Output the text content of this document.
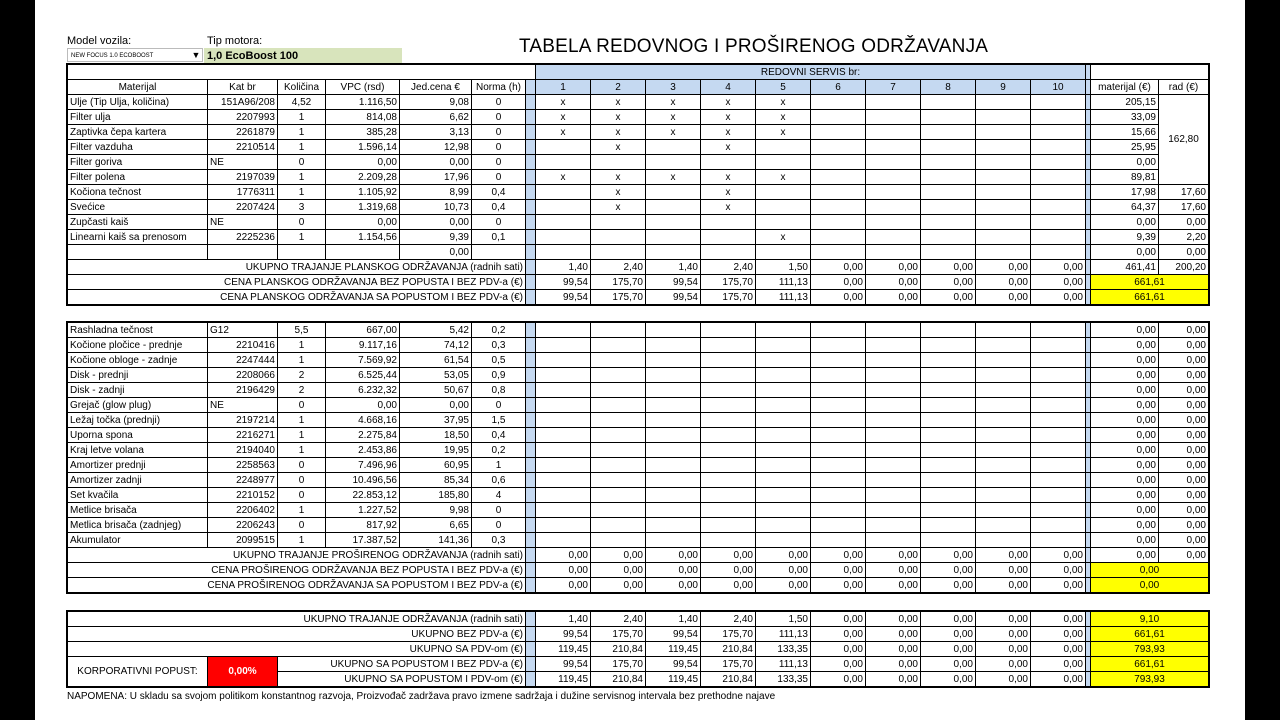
Model vozila:
NEW FOCUS 1.0 ECOBOOST	▼
Tip motora:
1,0 EcoBoost 100	TABELA REDOVNOG I PROŠIRENOG ODRŽAVANJA
							REDOVNI SERVIS br:												
Materijal	Kat br	Količina	VPC (rsd)	Jed.cena €	Norma (h)		1	2	3	4	5	6	7	8	9	10		materijal (€)	rad (€)
Ulje (Tip Ulja, količina)	151A96/208	4,52	1.116,50	9,08	0		x	x	x	x	x							205,15	162,80
Filter ulja	2207993	1	814,08	6,62	0		x	x	x	x	x							33,09	
Zaptivka čepa kartera	2261879	1	385,28	3,13	0		x	x	x	x	x							15,66	
Filter vazduha	2210514	1	1.596,14	12,98	0			x		x								25,95	
Filter goriva	NE	0	0,00	0,00	0													0,00	
Filter polena	2197039	1	2.209,28	17,96	0		x	x	x	x	x							89,81	
Kočiona tečnost	1776311	1	1.105,92	8,99	0,4			x		x								17,98	17,60
Svećice	2207424	3	1.319,68	10,73	0,4			x		x								64,37	17,60
Zupčasti kaiš	NE	0	0,00	0,00	0													0,00	0,00
Linearni kaiš sa prenosom	2225236	1	1.154,56	9,39	0,1						x							9,39	2,20
				0,00														0,00	0,00
UKUPNO TRAJANJE PLANSKOG ODRŽAVANJA (radnih sati)							1,40	2,40	1,40	2,40	1,50	0,00	0,00	0,00	0,00	0,00		461,41	200,20
CENA PLANSKOG ODRŽAVANJA BEZ POPUSTA I BEZ PDV-a (€)							99,54	175,70	99,54	175,70	111,13	0,00	0,00	0,00	0,00	0,00		661,61	
CENA PLANSKOG ODRŽAVANJA SA POPUSTOM I BEZ PDV-a (€)							99,54	175,70	99,54	175,70	111,13	0,00	0,00	0,00	0,00	0,00		661,61	
Rashladna tečnost	G12	5,5	667,00	5,42	0,2													0,00	0,00
Kočione pločice - prednje	2210416	1	9.117,16	74,12	0,3													0,00	0,00
Kočione obloge - zadnje	2247444	1	7.569,92	61,54	0,5													0,00	0,00
Disk - prednji	2208066	2	6.525,44	53,05	0,9													0,00	0,00
Disk - zadnji	2196429	2	6.232,32	50,67	0,8													0,00	0,00
Grejač (glow plug)	NE	0	0,00	0,00	0													0,00	0,00
Ležaj točka (prednji)	2197214	1	4.668,16	37,95	1,5													0,00	0,00
Uporna spona	2216271	1	2.275,84	18,50	0,4													0,00	0,00
Kraj letve volana	2194040	1	2.453,86	19,95	0,2													0,00	0,00
Amortizer prednji	2258563	0	7.496,96	60,95	1													0,00	0,00
Amortizer zadnji	2248977	0	10.496,56	85,34	0,6													0,00	0,00
Set kvačila	2210152	0	22.853,12	185,80	4													0,00	0,00
Metlice brisača	2206402	1	1.227,52	9,98	0													0,00	0,00
Metlica brisača (zadnjeg)	2206243	0	817,92	6,65	0													0,00	0,00
Akumulator	2099515	1	17.387,52	141,36	0,3													0,00	0,00
UKUPNO TRAJANJE PROŠIRENOG ODRŽAVANJA (radnih sati)							0,00	0,00	0,00	0,00	0,00	0,00	0,00	0,00	0,00	0,00		0,00	0,00
CENA PROŠIRENOG ODRŽAVANJA BEZ POPUSTA I BEZ PDV-a (€)							0,00	0,00	0,00	0,00	0,00	0,00	0,00	0,00	0,00	0,00		0,00	
CENA PROŠIRENOG ODRŽAVANJA SA POPUSTOM I BEZ PDV-a (€)							0,00	0,00	0,00	0,00	0,00	0,00	0,00	0,00	0,00	0,00		0,00	
UKUPNO TRAJANJE ODRŽAVANJA (radnih sati)				1,40	2,40	1,40	2,40	1,50	0,00	0,00	0,00	0,00	0,00		9,10
UKUPNO BEZ PDV-a (€)				99,54	175,70	99,54	175,70	111,13	0,00	0,00	0,00	0,00	0,00		661,61
UKUPNO SA PDV-om (€)				119,45	210,84	119,45	210,84	133,35	0,00	0,00	0,00	0,00	0,00		793,93
KORPORATIVNI POPUST:	0,00%	UKUPNO SA POPUSTOM I BEZ PDV-a (€)		99,54	175,70	99,54	175,70	111,13	0,00	0,00	0,00	0,00	0,00		661,61
		UKUPNO SA POPUSTOM I PDV-om (€)		119,45	210,84	119,45	210,84	133,35	0,00	0,00	0,00	0,00	0,00		793,93
NAPOMENA: U skladu sa svojom politikom konstantnog razvoja, Proizvođač zadržava pravo izmene sadržaja i dužine servisnog intervala bez prethodne najave
